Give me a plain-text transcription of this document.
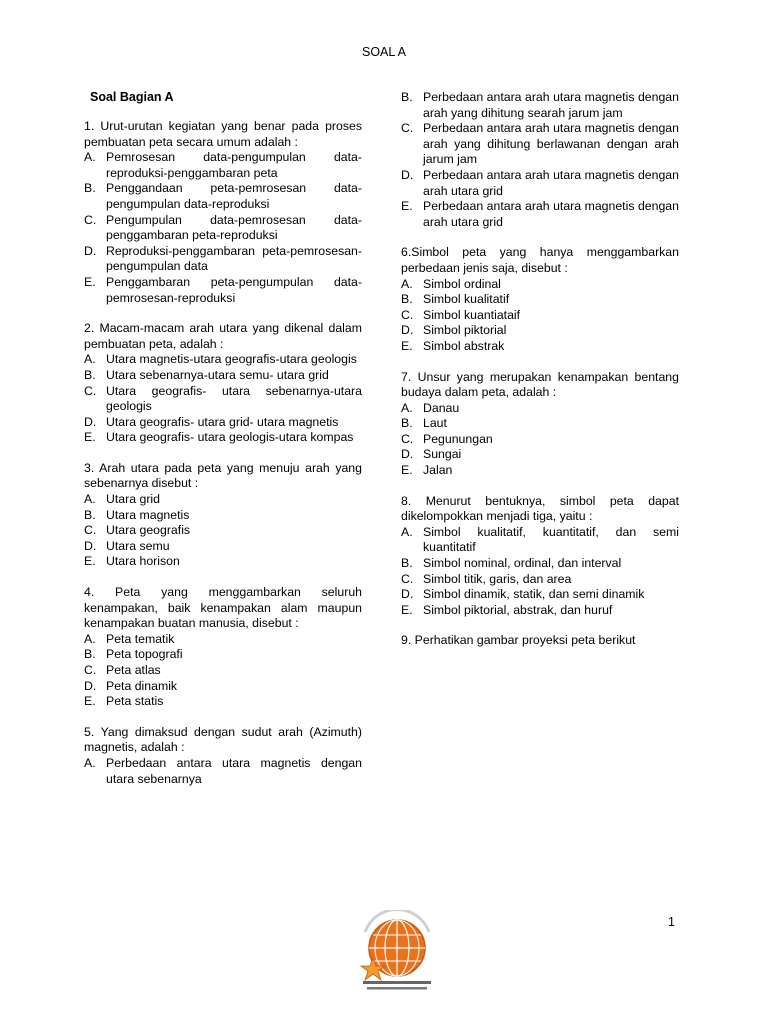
SOAL A
Soal Bagian A
1. Urut-urutan kegiatan yang benar pada proses pembuatan peta secara umum adalah :
A. Pemrosesan data-pengumpulan data-reproduksi-penggambaran peta
B. Penggandaan peta-pemrosesan data-pengumpulan data-reproduksi
C. Pengumpulan data-pemrosesan data-penggambaran peta-reproduksi
D. Reproduksi-penggambaran peta-pemrosesan- pengumpulan data
E. Penggambaran peta-pengumpulan data-pemrosesan-reproduksi
2. Macam-macam arah utara yang dikenal dalam pembuatan peta, adalah :
A. Utara magnetis-utara geografis-utara geologis
B. Utara sebenarnya-utara semu- utara grid
C. Utara geografis- utara sebenarnya-utara geologis
D. Utara geografis- utara grid- utara magnetis
E. Utara geografis- utara geologis-utara kompas
3. Arah utara pada peta yang menuju arah yang sebenarnya disebut :
A. Utara grid
B. Utara magnetis
C. Utara geografis
D. Utara semu
E. Utara horison
4. Peta yang menggambarkan seluruh kenampakan, baik kenampakan alam maupun kenampakan buatan manusia, disebut :
A. Peta tematik
B. Peta topografi
C. Peta atlas
D. Peta dinamik
E. Peta statis
5. Yang dimaksud dengan sudut arah (Azimuth) magnetis, adalah :
A. Perbedaan antara utara magnetis dengan utara sebenarnya
B. Perbedaan antara arah utara magnetis dengan arah yang dihitung searah jarum jam
C. Perbedaan antara arah utara magnetis dengan arah yang dihitung berlawanan dengan arah jarum jam
D. Perbedaan antara arah utara magnetis dengan arah utara grid
E. Perbedaan antara arah utara magnetis dengan arah utara grid
6.Simbol peta yang hanya menggambarkan perbedaan jenis saja, disebut :
A. Simbol ordinal
B. Simbol kualitatif
C. Simbol kuantiataif
D. Simbol piktorial
E. Simbol abstrak
7. Unsur yang merupakan kenampakan bentang budaya dalam peta, adalah :
A. Danau
B. Laut
C. Pegunungan
D. Sungai
E. Jalan
8. Menurut bentuknya, simbol peta dapat dikelompokkan menjadi tiga, yaitu :
A. Simbol kualitatif, kuantitatif, dan semi kuantitatif
B. Simbol nominal, ordinal, dan interval
C. Simbol titik, garis, dan area
D. Simbol dinamik, statik, dan semi dinamik
E. Simbol piktorial, abstrak, dan huruf
9. Perhatikan gambar proyeksi peta berikut
1
